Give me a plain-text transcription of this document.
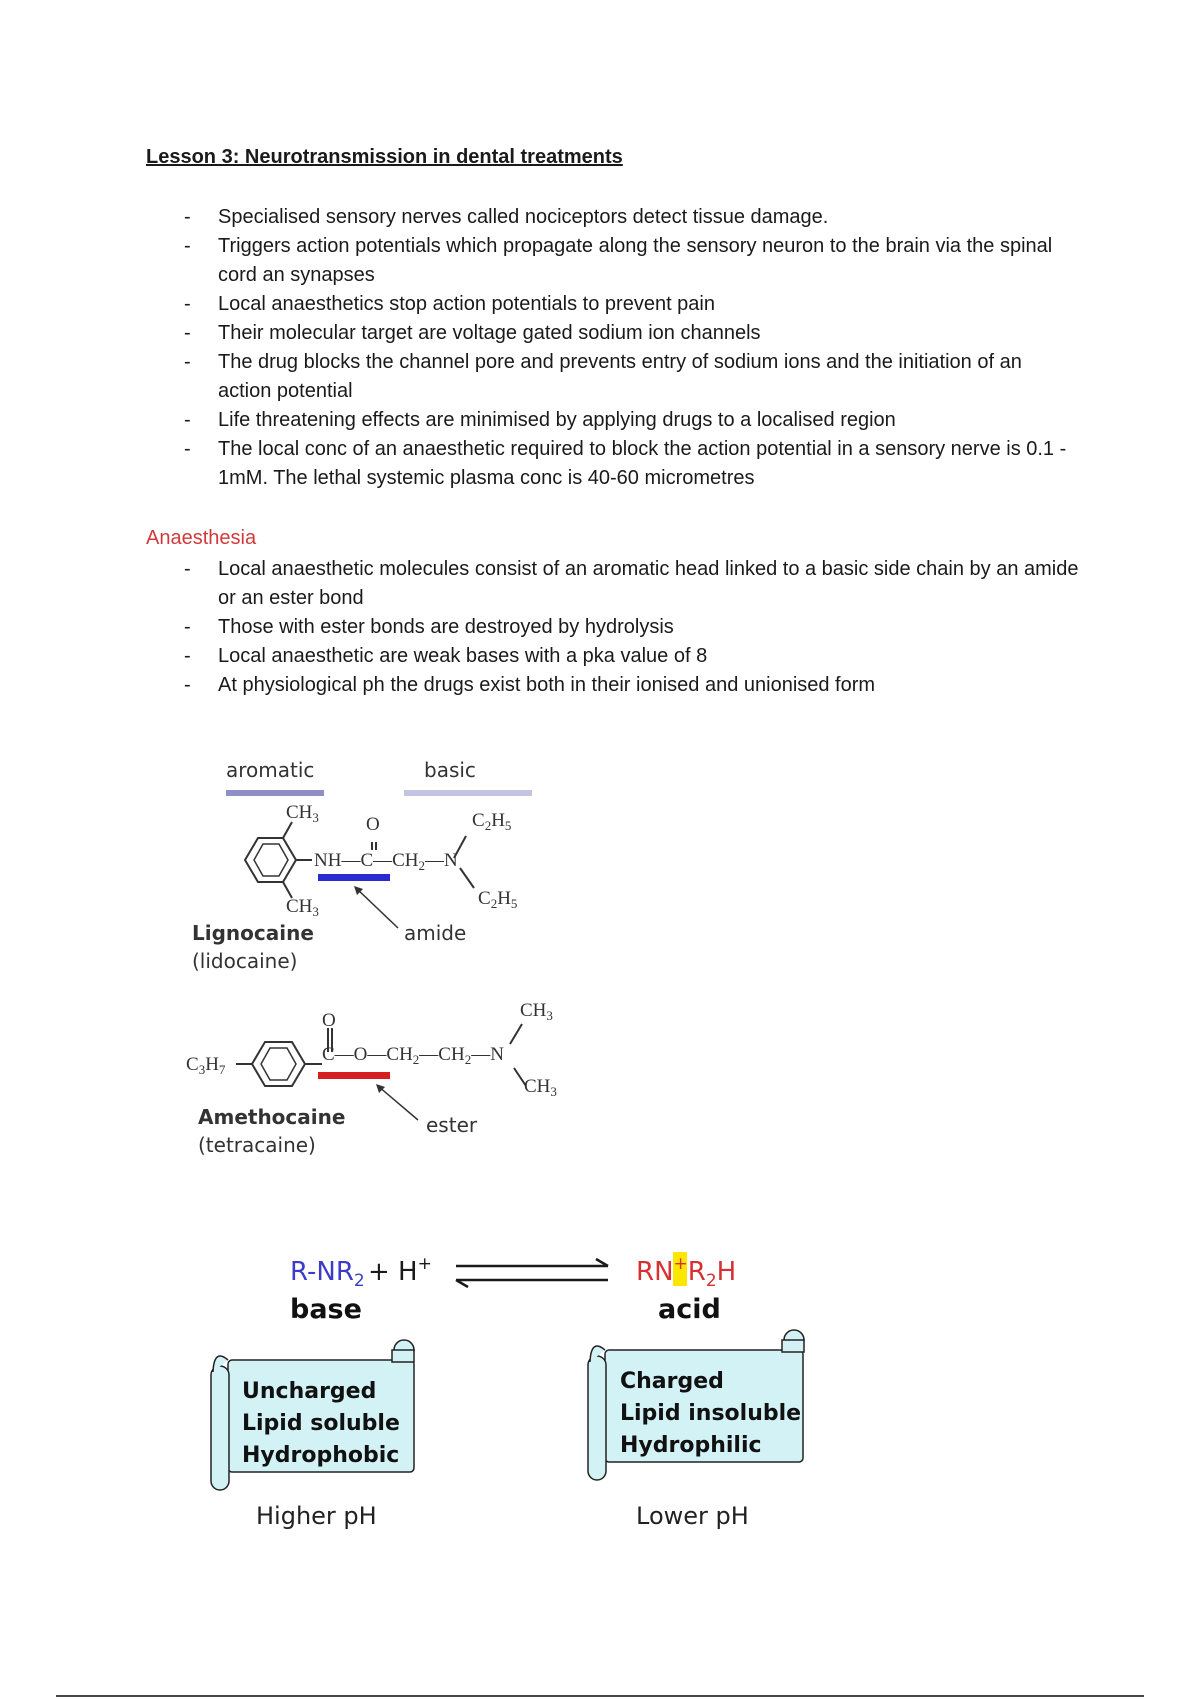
Lesson 3: Neurotransmission in dental treatments
- Specialised sensory nerves called nociceptors detect tissue damage.
- Triggers action potentials which propagate along the sensory neuron to the brain via the spinal cord an synapses
- Local anaesthetics stop action potentials to prevent pain
- Their molecular target are voltage gated sodium ion channels
- The drug blocks the channel pore and prevents entry of sodium ions and the initiation of an action potential
- Life threatening effects are minimised by applying drugs to a localised region
- The local conc of an anaesthetic required to block the action potential in a sensory nerve is 0.1 - 1mM. The lethal systemic plasma conc is 40-60 micrometres
Anaesthesia
- Local anaesthetic molecules consist of an aromatic head linked to a basic side chain by an amide or an ester bond
- Those with ester bonds are destroyed by hydrolysis
- Local anaesthetic are weak bases with a pka value of 8
- At physiological ph the drugs exist both in their ionised and unionised form
aromatic	basic
$CH_3$ O	$C_2H_5$
$NH—C—CH_2—N$
$C_2H_5$
$CH_3$
amide
Lignocaine
(lidocaine)
$C_3H_7$
O
$C—O—CH_2—CH_2—N$
$CH_3$
$CH_3$
ester
Amethocaine
(tetracaine)
$R-NR_2 + H^+$	$RN^+R_2H$
base	acid
Uncharged
Lipid soluble
Hydrophobic
Charged
Lipid insoluble
Hydrophilic
Higher pH	Lower pH
